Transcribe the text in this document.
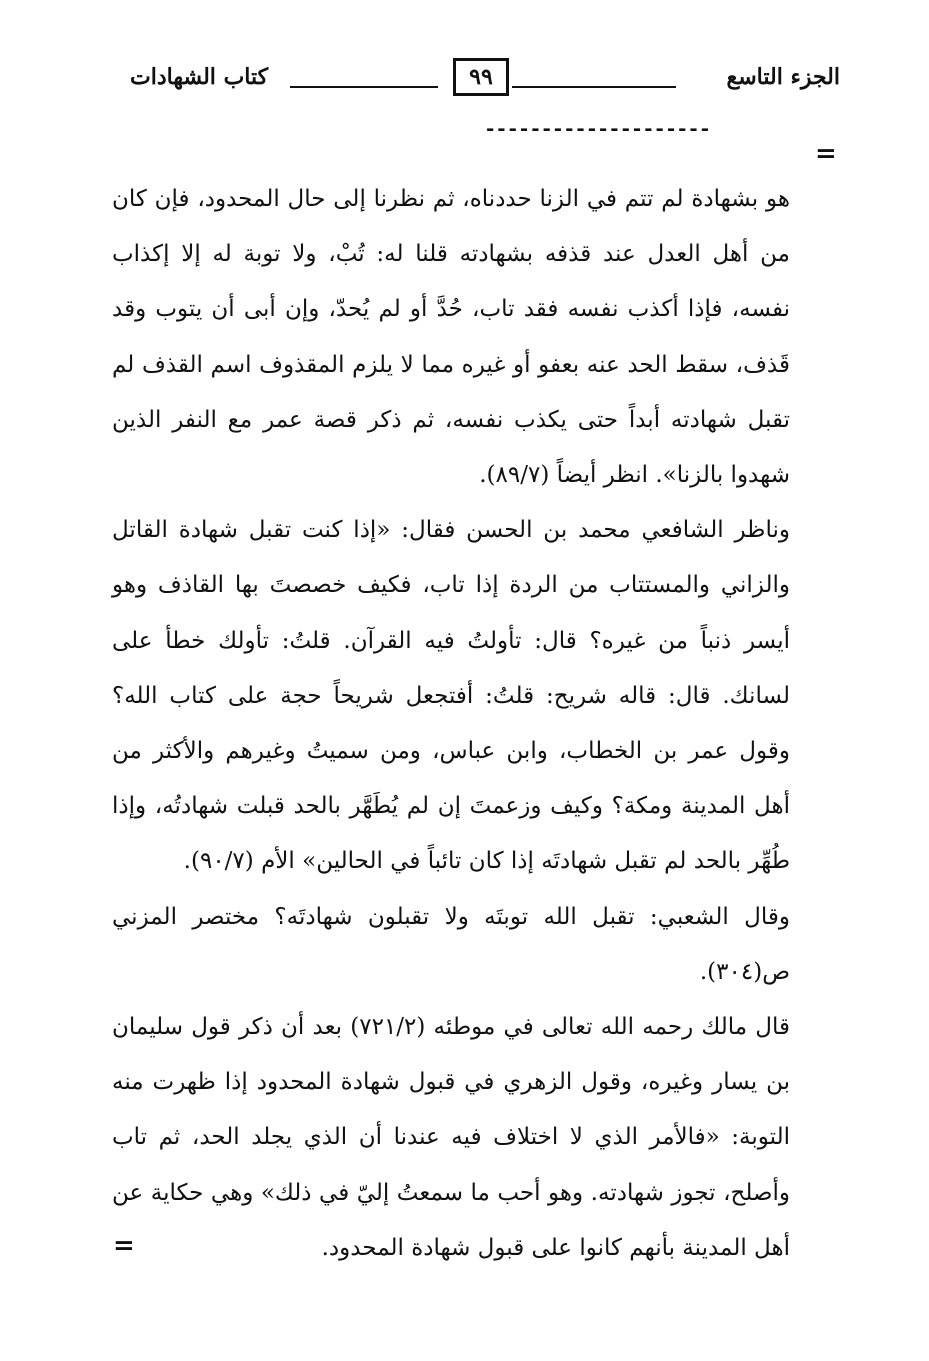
الجزء التاسع
٩٩
كتاب الشهادات
--------------------
=

هو بشهادة لم تتم في الزنا حددناه، ثم نظرنا إلى حال المحدود، فإن كان من أهل العدل عند قذفه بشهادته قلنا له: تُبْ، ولا توبة له إلا إكذاب نفسه، فإذا أكذب نفسه فقد تاب، حُدَّ أو لم يُحدّ، وإن أبى أن يتوب وقد قَذف، سقط الحد عنه بعفو أو غيره مما لا يلزم المقذوف اسم القذف لم تقبل شهادته أبداً حتى يكذب نفسه، ثم ذكر قصة عمر مع النفر الذين شهدوا بالزنا». انظر أيضاً (٨٩/٧).

وناظر الشافعي محمد بن الحسن فقال: «إذا كنت تقبل شهادة القاتل والزاني والمستتاب من الردة إذا تاب، فكيف خصصتَ بها القاذف وهو أيسر ذنباً من غيره؟ قال: تأولتُ فيه القرآن. قلتُ: تأولك خطأ على لسانك. قال: قاله شريح: قلتُ: أفتجعل شريحاً حجة على كتاب الله؟ وقول عمر بن الخطاب، وابن عباس، ومن سميتُ وغيرهم والأكثر من أهل المدينة ومكة؟ وكيف وزعمتَ إن لم يُطَهَّر بالحد قبلت شهادتُه، وإذا طُهِّر بالحد لم تقبل شهادتَه إذا كان تائباً في الحالين» الأم (٩٠/٧).

وقال الشعبي: تقبل الله توبتَه ولا تقبلون شهادتَه؟ مختصر المزني ص(٣٠٤).

قال مالك رحمه الله تعالى في موطئه (٧٢١/٢) بعد أن ذكر قول سليمان بن يسار وغيره، وقول الزهري في قبول شهادة المحدود إذا ظهرت منه التوبة: «فالأمر الذي لا اختلاف فيه عندنا أن الذي يجلد الحد، ثم تاب وأصلح، تجوز شهادته. وهو أحب ما سمعتُ إليّ في ذلك» وهي حكاية عن أهل المدينة بأنهم كانوا على قبول شهادة المحدود.

=
